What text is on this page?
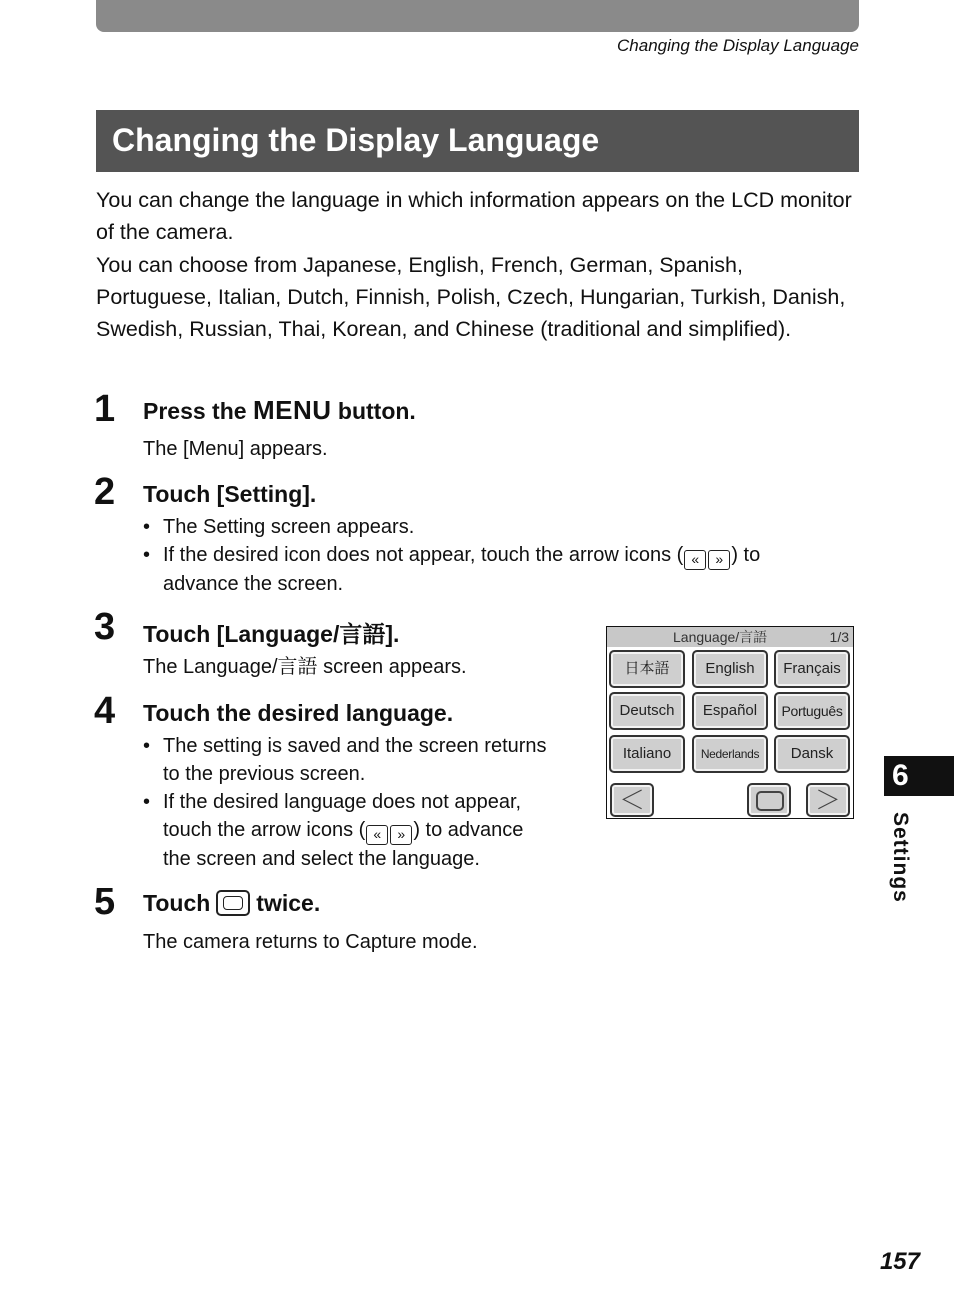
Changing the Display Language
Changing the Display Language

You can change the language in which information appears on the LCD monitor of the camera.

You can choose from Japanese, English, French, German, Spanish, Portuguese, Italian, Dutch, Finnish, Polish, Czech, Hungarian, Turkish, Danish, Swedish, Russian, Thai, Korean, and Chinese (traditional and simplified).

1 Press the MENU button.
The [Menu] appears.
2 Touch [Setting].
• The Setting screen appears.
• If the desired icon does not appear, touch the arrow icons ( « » ) to
advance the screen.
3 Touch [Language/言語].
The Language/言語 screen appears.
4 Touch the desired language.
• The setting is saved and the screen returns
to the previous screen.
• If the desired language does not appear,
touch the arrow icons ( « » ) to advance
the screen and select the language.
5 Touch twice.
The camera returns to Capture mode.
Language/言語	1/3
日本語	English	Français
Deutsch	Español	Português
Italiano	Nederlands	Dansk
＜	＞
6
Settings
157
